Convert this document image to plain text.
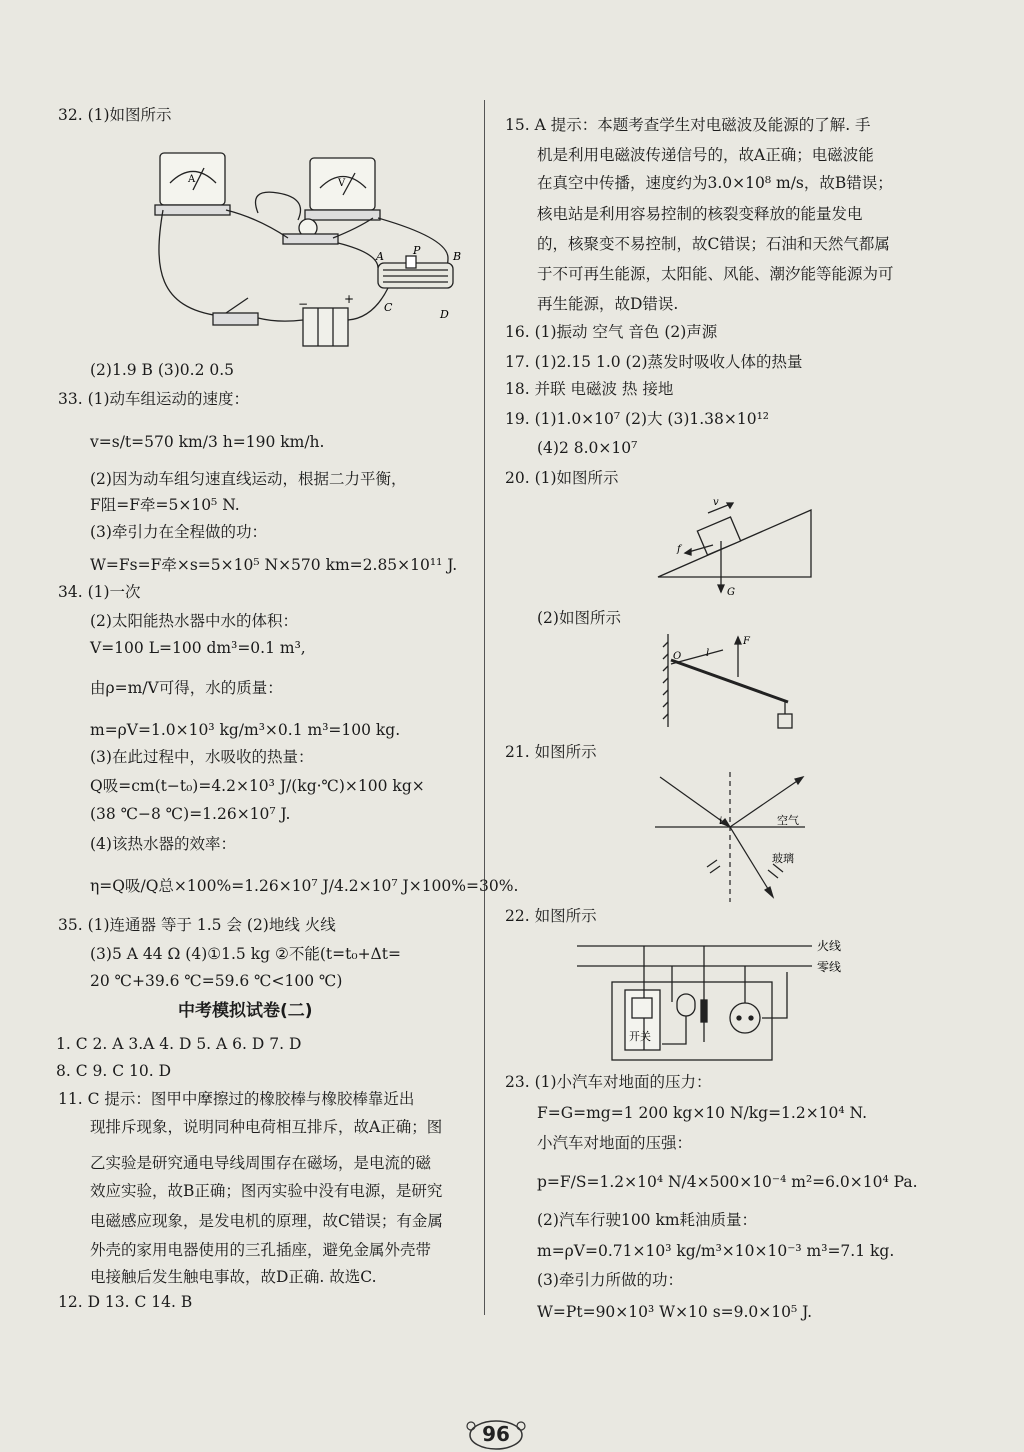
32. (1)如图所示
A	V
A	P	B
C
D
−	+
(2)1.9 B (3)0.2 0.5
33. (1)动车组运动的速度：
v=s/t=570 km/3 h=190 km/h.
(2)因为动车组匀速直线运动，根据二力平衡，
F阻=F牵=5×10⁵ N.
(3)牵引力在全程做的功：
W=Fs=F牵×s=5×10⁵ N×570 km=2.85×10¹¹ J.
34. (1)一次
(2)太阳能热水器中水的体积：
V=100 L=100 dm³=0.1 m³,
由ρ=m/V可得，水的质量：
m=ρV=1.0×10³ kg/m³×0.1 m³=100 kg.
(3)在此过程中，水吸收的热量：
Q吸=cm(t−t₀)=4.2×10³ J/(kg·℃)×100 kg×
(38 ℃−8 ℃)=1.26×10⁷ J.
(4)该热水器的效率：
η=Q吸/Q总×100%=1.26×10⁷ J/4.2×10⁷ J×100%=30%.
35. (1)连通器 等于 1.5 会 (2)地线 火线
(3)5 A 44 Ω (4)①1.5 kg ②不能(t=t₀+Δt=
20 ℃+39.6 ℃=59.6 ℃<100 ℃)
中考模拟试卷(二)
1. C 2. A 3.A 4. D 5. A 6. D 7. D
8. C 9. C 10. D
11. C 提示：图甲中摩擦过的橡胶棒与橡胶棒靠近出
现排斥现象，说明同种电荷相互排斥，故A正确；图
乙实验是研究通电导线周围存在磁场，是电流的磁
效应实验，故B正确；图丙实验中没有电源，是研究
电磁感应现象，是发电机的原理，故C错误；有金属
外壳的家用电器使用的三孔插座，避免金属外壳带
电接触后发生触电事故，故D正确. 故选C.
12. D 13. C 14. B
15. A 提示：本题考查学生对电磁波及能源的了解. 手
机是利用电磁波传递信号的，故A正确；电磁波能
在真空中传播，速度约为3.0×10⁸ m/s，故B错误；
核电站是利用容易控制的核裂变释放的能量发电
的，核聚变不易控制，故C错误；石油和天然气都属
于不可再生能源，太阳能、风能、潮汐能等能源为可
再生能源，故D错误.
16. (1)振动 空气 音色 (2)声源
17. (1)2.15 1.0 (2)蒸发时吸收人体的热量
18. 并联 电磁波 热 接地
19. (1)1.0×10⁷ (2)大 (3)1.38×10¹²
(4)2 8.0×10⁷
20. (1)如图所示
v
f
G
(2)如图所示
O l
F
21. 如图所示
i	空气
玻璃
22. 如图所示
火线
零线
开关
23. (1)小汽车对地面的压力：
F=G=mg=1 200 kg×10 N/kg=1.2×10⁴ N.
小汽车对地面的压强：
p=F/S=1.2×10⁴ N/4×500×10⁻⁴ m²=6.0×10⁴ Pa.
(2)汽车行驶100 km耗油质量：
m=ρV=0.71×10³ kg/m³×10×10⁻³ m³=7.1 kg.
(3)牵引力所做的功：
W=Pt=90×10³ W×10 s=9.0×10⁵ J.
96
